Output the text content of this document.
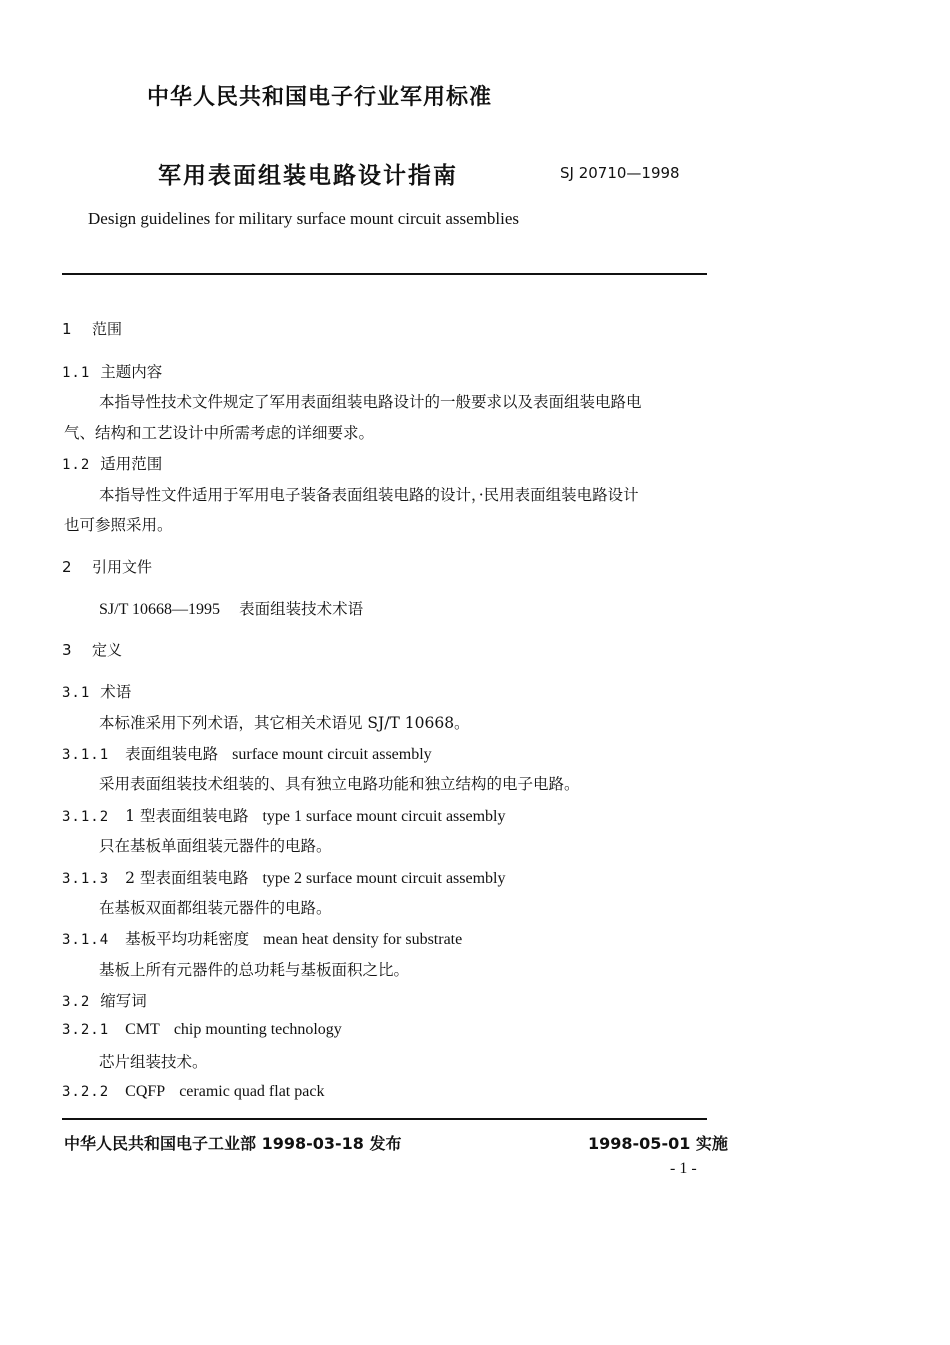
中华人民共和国电子行业军用标准
军用表面组装电路设计指南	SJ 20710—1998
Design guidelines for military surface mount circuit assemblies
1 范围
1.1 主题内容
本指导性技术文件规定了军用表面组装电路设计的一般要求以及表面组装电路电
气、结构和工艺设计中所需考虑的详细要求。
1.2 适用范围
本指导性文件适用于军用电子装备表面组装电路的设计，·民用表面组装电路设计
也可参照采用。
2 引用文件
SJ/T 10668—1995 表面组装技术术语
3 定义
3.1 术语
本标准采用下列术语，其它相关术语见 SJ/T 10668。
3.1.1 表面组装电路 surface mount circuit assembly
采用表面组装技术组装的、具有独立电路功能和独立结构的电子电路。
3.1.2 1 型表面组装电路 type 1 surface mount circuit assembly
只在基板单面组装元器件的电路。
3.1.3 2 型表面组装电路 type 2 surface mount circuit assembly
在基板双面都组装元器件的电路。
3.1.4 基板平均功耗密度 mean heat density for substrate
基板上所有元器件的总功耗与基板面积之比。
3.2 缩写词
3.2.1 CMT chip mounting technology
芯片组装技术。
3.2.2 CQFP ceramic quad flat pack
中华人民共和国电子工业部 1998-03-18 发布	1998-05-01 实施
- 1 -
